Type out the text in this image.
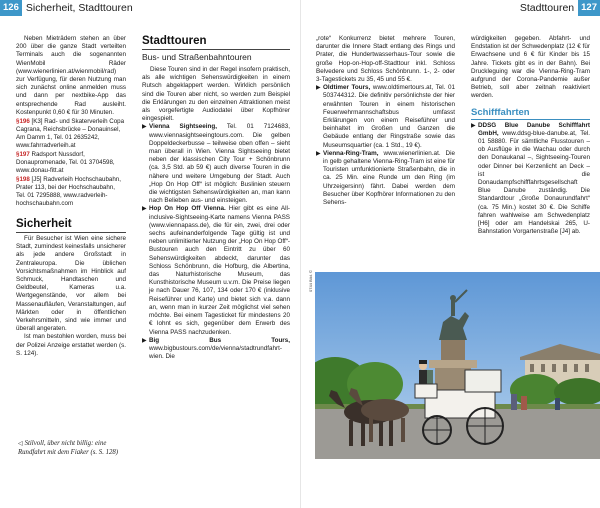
126 Sicherheit, Stadttouren	Stadttouren 127

Neben Mieträdern stehen an über 200 über die ganze Stadt verteilten Terminals auch die sogenannten WienMobil Räder (www.wienerlinien.at/wienmobil/rad) zur Verfügung, für deren Nutzung man sich zunächst online anmelden muss und dann per nextbike-App das entsprechende Rad ausleiht. Kostenpunkt 0,60 € für 30 Minuten.

§196 [K3] Rad- und Skaterverleih Copa Cagrana, Reichsbrücke – Donauinsel, Am Damm 1, Tel. 01 2635242, www.fahrradverleih.at
§197 Radsport Nussdorf, Donaupromenade, Tel. 01 3704598, www.donau-fitt.at
§198 [J5] Radverleih Hochschaubahn, Prater 113, bei der Hochschaubahn, Tel. 01 7295888, www.radverleih-hochschaubahn.com
Sicherheit

Für Besucher ist Wien eine sichere Stadt, zumindest keinesfalls unsicherer als jede andere Großstadt in Zentraleuropa. Die üblichen Vorsichtsmaßnahmen im Hinblick auf Schmuck, Handtaschen und Geldbeutel, Kameras u.a. Wertgegenstände, vor allem bei Massenaufläufen, Veranstaltungen, auf Märkten oder in öffentlichen Verkehrsmitteln, sind wie immer und überall angeraten.

Ist man bestohlen worden, muss bei der Polizei Anzeige erstattet werden (s. S. 124).

◁ Stilvoll, über nicht billig: eine Rundfahrt mit dem Fiaker (s. S. 128)
Stadttouren
Bus- und Straßenbahntouren

Diese Touren sind in der Regel insofern praktisch, als alle wichtigen Sehenswürdigkeiten in einem Rutsch abgeklappert werden. Wirklich persönlich sind die Touren aber nicht, so werden zum Beispiel die Erklärungen zu den einzelnen Attraktionen meist als vorgefertigte Audiodatei über Kopfhörer eingespielt.

▶ Vienna Sightseeing, Tel. 01 7124683, www.viennasightseeingtours.com. Die gelben Doppeldeckerbusse – teilweise oben offen – sieht man überall in Wien. Vienna Sightseeing bietet neben der klassischen City Tour + Schönbrunn (ca. 3,5 Std. ab 59 €) auch diverse Touren in die nähere und weitere Umgebung der Stadt. Auch „Hop On Hop Off“ ist möglich: Buslinien steuern die wichtigsten Sehenswürdigkeiten an, man kann nach Belieben aus- und einsteigen.
▶ Hop On Hop Off Vienna. Hier gibt es eine All-inclusive-Sightseeing-Karte namens Vienna PASS (www.viennapass.de), die für ein, zwei, drei oder sechs aufeinanderfolgende Tage gültig ist und neben unlimitierter Nutzung der „Hop On Hop Off“-Bustouren auch den Eintritt zu über 60 Sehenswürdigkeiten abdeckt, darunter das Schloss Schönbrunn, die Hofburg, die Albertina, das Naturhistorische Museum, das Kunsthistorische Museum u.v.m. Die Preise liegen je nach Dauer 76, 107, 134 oder 170 € (inklusive Reiseführer und Karte) und bietet sich v.a. dann an, wenn man in kurzer Zeit möglichst viel sehen möchte. Bei einem Tagesticket für mindestens 20 € lohnt es sich, gegenüber dem Erwerb des Vienna PASS nachzudenken.
▶ Big Bus Tours, www.bigbustours.com/de/vienna/stadtrundfahrt-wien. Die

„rote“ Konkurrenz bietet mehrere Touren, darunter die Innere Stadt entlang des Rings und Prater, die Hundertwasserhaus-Tour sowie die große Hop-on-Hop-off-Stadttour inkl. Schloss Belvedere und Schloss Schönbrunn. 1-, 2- oder 3-Tagestickets zu 35, 45 und 55 €.

▶ Oldtimer Tours, www.oldtimertours.at, Tel. 01 503744312. Die definitiv persönlichste der hier erwähnten Touren in einem historischen Feuerwehrmannschaftsbus umfasst Erklärungen von einem Reiseführer und beinhaltet im Großen und Ganzen die Gebäude entlang der Ringstraße sowie das Museumsquartier (ca. 1 Std., 19 €).
▶ Vienna-Ring-Tram, www.wienerlinien.at. Die in gelb gehaltene Vienna-Ring-Tram ist eine für Touristen umfunktionierte Straßenbahn, die in ca. 25 Min. eine Runde um den Ring (im Uhrzeigersinn) fährt. Dabei werden dem Besucher über Kopfhörer Informationen zu den Sehens-

würdigkeiten gegeben. Abfahrt- und Endstation ist der Schwedenplatz (12 € für Erwachsene und 6 € für Kinder bis 15 Jahre. Tickets gibt es in der Bahn). Bei Druckleguing war die Vienna-Ring-Tram aufgrund der Corona-Pandemie außer Betrieb, soll aber zeitnah reaktiviert werden.

Schifffahrten
▶ DDSG Blue Danube Schifffahrt GmbH, www.ddsg-blue-danube.at, Tel. 01 58880. Für sämtliche Flusstouren – ob Ausflüge in die Wachau oder durch den Donaukanal –, Sightseeing-Touren oder Dinner bei Kerzenlicht an Deck – ist die Donaudampfschifffahrtsgesellschaft Blue Danube zuständig. Die Standardtour „Große Donaurundfahrt“ (ca. 75 Min.) kostet 30 €. Die Schiffe fahren wahlweise am Schwedenplatz [H6] oder am Handelskai 265, U-Bahnstation Vorgartenstraße [J4] ab.
0744 Bild. ©
